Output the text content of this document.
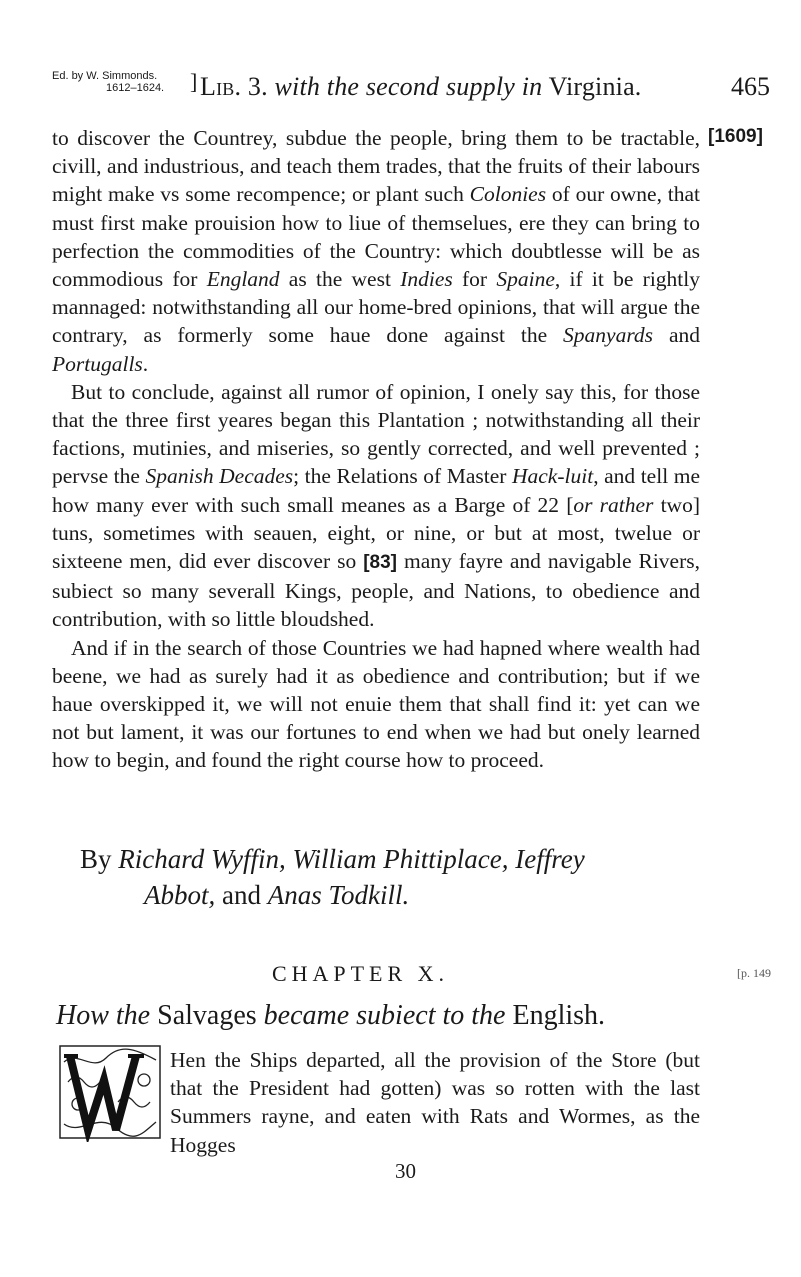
Ed. by W. Simmonds.
1612–1624. ] Lib. 3. with the second supply in Virginia.	465
[1609]

to discover the Countrey, subdue the people, bring them to be tractable, civill, and industrious, and teach them trades, that the fruits of their labours might make vs some recompence; or plant such Colonies of our owne, that must first make prouision how to liue of themselues, ere they can bring to perfection the commodities of the Country: which doubtlesse will be as commodious for England as the west Indies for Spaine, if it be rightly mannaged: notwithstanding all our home-bred opinions, that will argue the contrary, as formerly some haue done against the Spanyards and Portugalls.

But to conclude, against all rumor of opinion, I onely say this, for those that the three first yeares began this Plantation ; notwithstanding all their factions, mutinies, and miseries, so gently corrected, and well prevented ; pervse the Spanish Decades; the Relations of Master Hack-luit, and tell me how many ever with such small meanes as a Barge of 22 [or rather two] tuns, sometimes with seauen, eight, or nine, or but at most, twelue or sixteene men, did ever discover so [83] many fayre and navigable Rivers, subiect so many severall Kings, people, and Nations, to obedience and contribution, with so little bloudshed.

And if in the search of those Countries we had hapned where wealth had beene, we had as surely had it as obedience and contribution; but if we haue overskipped it, we will not enuie them that shall find it: yet can we not but lament, it was our fortunes to end when we had but onely learned how to begin, and found the right course how to proceed.

By Richard Wyffin, William Phittiplace, Ieffrey
Abbot, and Anas Todkill.
CHAPTER X.	[p. 149
How the Salvages became subiect to the English.
Hen the Ships departed, all the provision of the Store (but that the President had gotten) was so rotten with the last Summers rayne, and eaten with Rats and Wormes, as the Hogges
30
